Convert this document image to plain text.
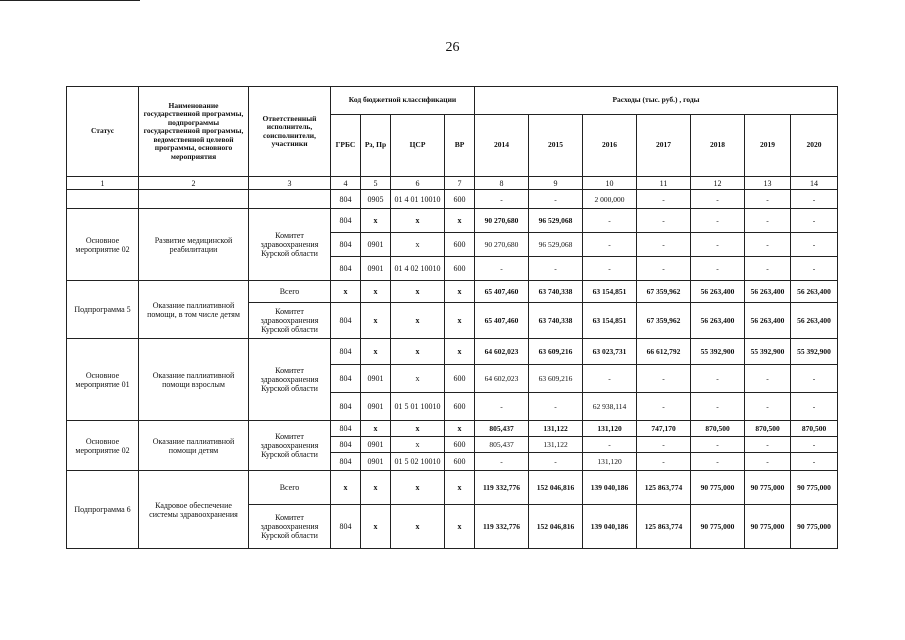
26
Статус	Наименование государственной программы, подпрограммы государственной программы, ведомственной целевой программы, основного мероприятия	Ответственный исполнитель, соисполнители, участники	Код бюджетной классификации				Расходы (тыс. руб.) , годы						
			ГРБС	Рз, Пр	ЦСР	ВР	2014	2015	2016	2017	2018	2019	2020
1	2	3	4	5	6	7	8	9	10	11	12	13	14
			804	0905	01 4 01 10010	600	-	-	2 000,000	-	-	-	-
Основное мероприятие 02	Развитие медицинской реабилитации	Комитет здравоохранения Курской области	804	х	х	х	90 270,680	96 529,068	-	-	-	-	-
			804	0901	х	600	90 270,680	96 529,068	-	-	-	-	-
			804	0901	01 4 02 10010	600	-	-	-	-	-	-	-
Подпрограмма 5	Оказание паллиативной помощи, в том числе детям	Всего	х	х	х	х	65 407,460	63 740,338	63 154,851	67 359,962	56 263,400	56 263,400	56 263,400
		Комитет здравоохранения Курской области	804	х	х	х	65 407,460	63 740,338	63 154,851	67 359,962	56 263,400	56 263,400	56 263,400
Основное мероприятие 01	Оказание паллиативной помощи взрослым	Комитет здравоохранения Курской области	804	х	х	х	64 602,023	63 609,216	63 023,731	66 612,792	55 392,900	55 392,900	55 392,900
			804	0901	х	600	64 602,023	63 609,216	-	-	-	-	-
			804	0901	01 5 01 10010	600	-	-	62 938,114	-	-	-	-
Основное мероприятие 02	Оказание паллиативной помощи детям	Комитет здравоохранения Курской области	804	х	х	х	805,437	131,122	131,120	747,170	870,500	870,500	870,500
			804	0901	х	600	805,437	131,122	-	-	-	-	-
			804	0901	01 5 02 10010	600	-	-	131,120	-	-	-	-
Подпрограмма 6	Кадровое обеспечение системы здравоохранения	Всего	х	х	х	х	119 332,776	152 046,816	139 040,186	125 863,774	90 775,000	90 775,000	90 775,000
		Комитет здравоохранения Курской области	804	х	х	х	119 332,776	152 046,816	139 040,186	125 863,774	90 775,000	90 775,000	90 775,000
